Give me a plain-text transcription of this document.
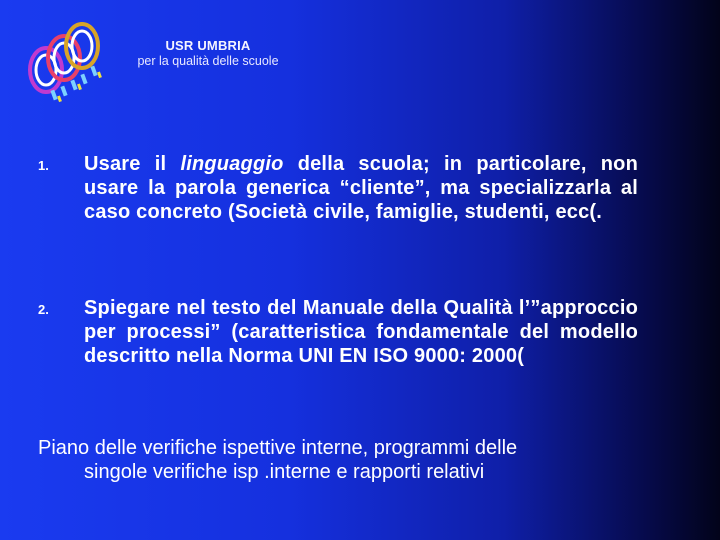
USR UMBRIA
per la qualità delle scuole
1. Usare il linguaggio della scuola; in particolare, non usare la parola generica “cliente”, ma specializzarla al caso concreto (Società civile, famiglie, studenti, ecc(.
2. Spiegare nel testo del Manuale della Qualità l’”approccio per processi” (caratteristica fondamentale del modello descritto nella Norma UNI EN ISO 9000: 2000(
Piano delle verifiche ispettive interne, programmi delle
singole verifiche isp .interne e rapporti relativi
